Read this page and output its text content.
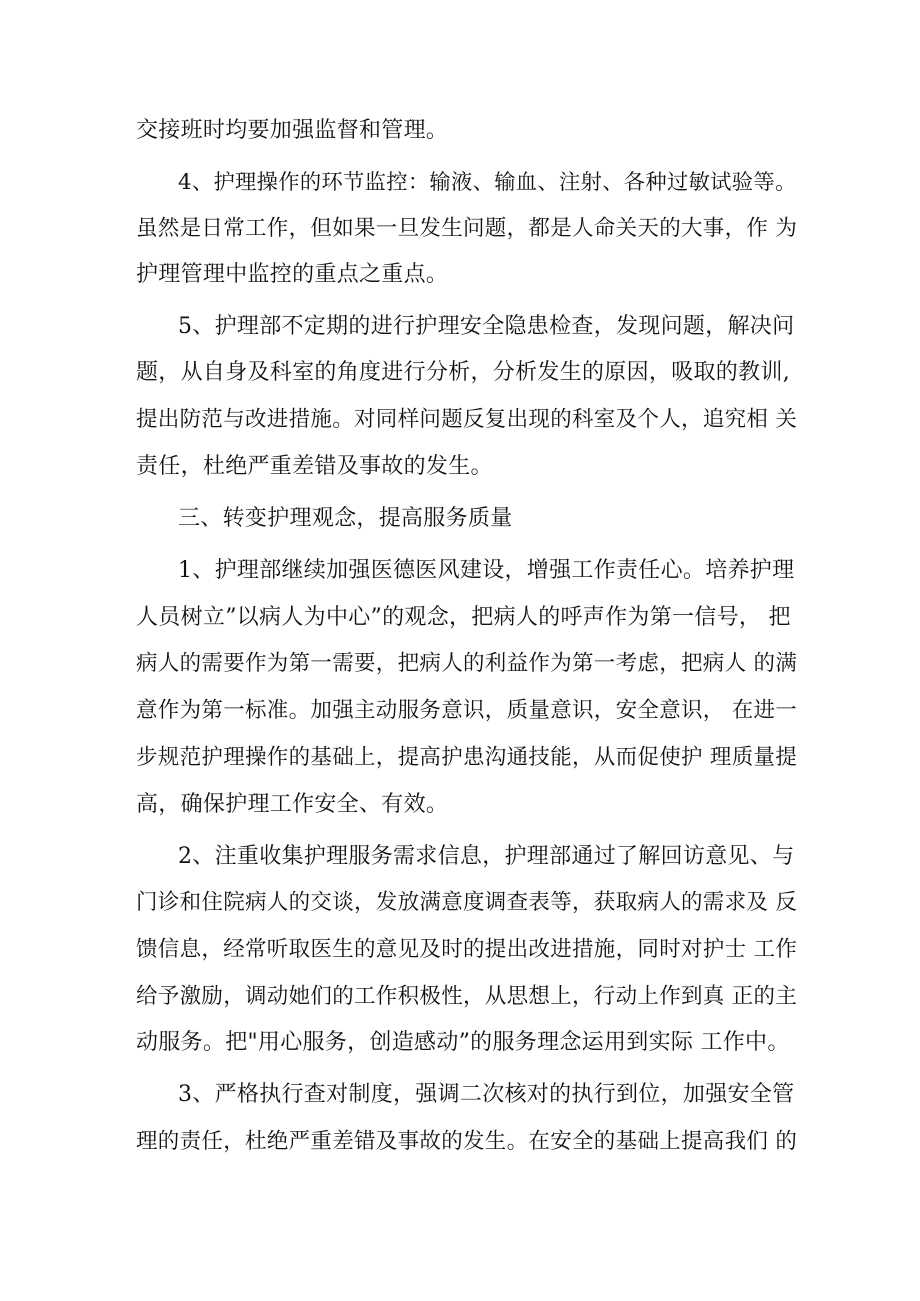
交接班时均要加强监督和管理。
4、护理操作的环节监控：输液、输血、注射、各种过敏试验等。
虽然是日常工作，但如果一旦发生问题，都是人命关天的大事，作 为
护理管理中监控的重点之重点。
5、护理部不定期的进行护理安全隐患检查，发现问题，解决问
题，从自身及科室的角度进行分析，分析发生的原因，吸取的教训,
提出防范与改进措施。对同样问题反复出现的科室及个人，追究相 关
责任，杜绝严重差错及事故的发生。
三、转变护理观念，提高服务质量
1、护理部继续加强医德医风建设，增强工作责任心。培养护理
人员树立”以病人为中心”的观念，把病人的呼声作为第一信号， 把
病人的需要作为第一需要，把病人的利益作为第一考虑，把病人 的满
意作为第一标准。加强主动服务意识，质量意识，安全意识， 在进一
步规范护理操作的基础上，提高护患沟通技能，从而促使护 理质量提
高，确保护理工作安全、有效。
2、注重收集护理服务需求信息，护理部通过了解回访意见、与
门诊和住院病人的交谈，发放满意度调查表等，获取病人的需求及 反
馈信息，经常听取医生的意见及时的提出改进措施，同时对护士 工作
给予激励，调动她们的工作积极性，从思想上，行动上作到真 正的主
动服务。把"用心服务，创造感动”的服务理念运用到实际 工作中。
3、严格执行查对制度，强调二次核对的执行到位，加强安全管
理的责任，杜绝严重差错及事故的发生。在安全的基础上提高我们 的
